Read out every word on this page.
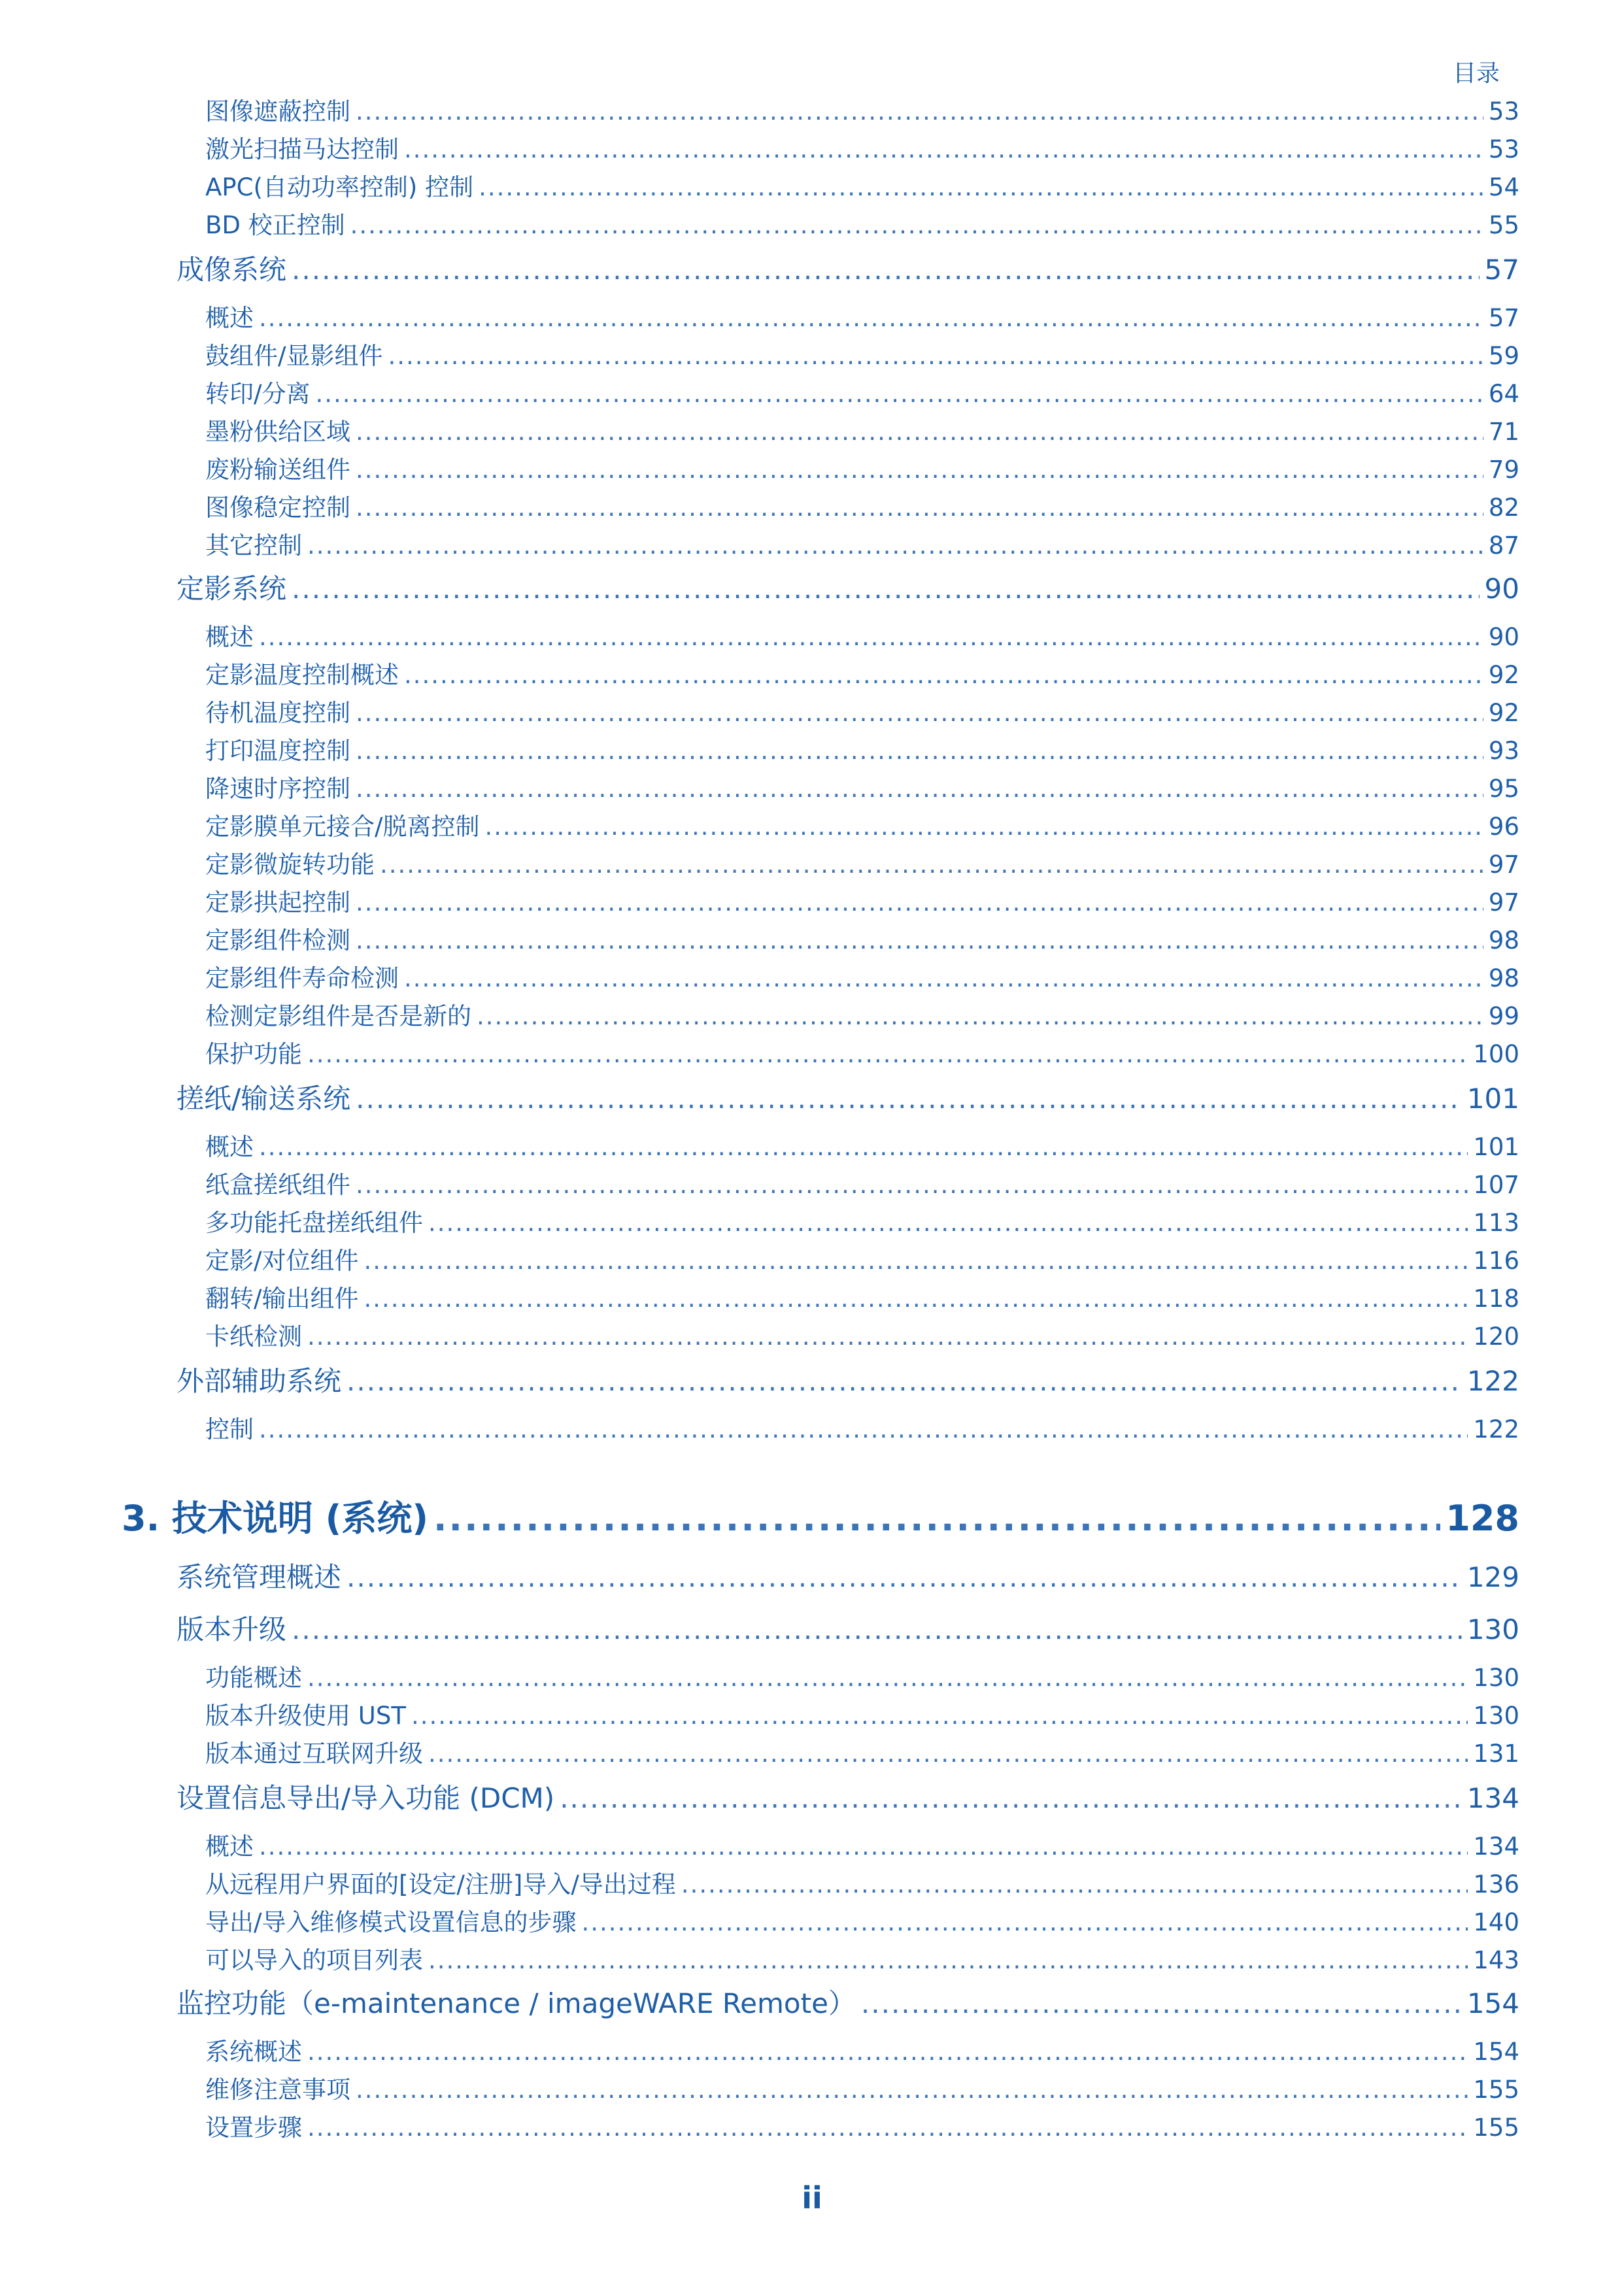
目录
图像遮蔽控制 .....	53
激光扫描马达控制 .....	53
APC(自动功率控制) 控制 .....	54
BD 校正控制 .....	55
成像系统 .....	57
概述 .....	57
鼓组件/显影组件 .....	59
转印/分离 .....	64
墨粉供给区域 .....	71
废粉输送组件 .....	79
图像稳定控制 .....	82
其它控制 .....	87
定影系统 .....	90
概述 .....	90
定影温度控制概述 .....	92
待机温度控制 .....	92
打印温度控制 .....	93
降速时序控制 .....	95
定影膜单元接合/脱离控制 .....	96
定影微旋转功能 .....	97
定影拱起控制 .....	97
定影组件检测 .....	98
定影组件寿命检测 .....	98
检测定影组件是否是新的 .....	99
保护功能 .....	100
搓纸/输送系统 .....	101
概述 .....	101
纸盒搓纸组件 .....	107
多功能托盘搓纸组件 .....	113
定影/对位组件 .....	116
翻转/输出组件 .....	118
卡纸检测 .....	120
外部辅助系统 .....	122
控制 .....	122
3. 技术说明 (系统) .....	128
系统管理概述 .....	129
版本升级 .....	130
功能概述 .....	130
版本升级使用 UST .....	130
版本通过互联网升级 .....	131
设置信息导出/导入功能 (DCM) .....	134
概述 .....	134
从远程用户界面的[设定/注册]导入/导出过程 .....	136
导出/导入维修模式设置信息的步骤 .....	140
可以导入的项目列表 .....	143
监控功能（e-maintenance / imageWARE Remote） .....	154
系统概述 .....	154
维修注意事项 .....	155
设置步骤 .....	155
ii
